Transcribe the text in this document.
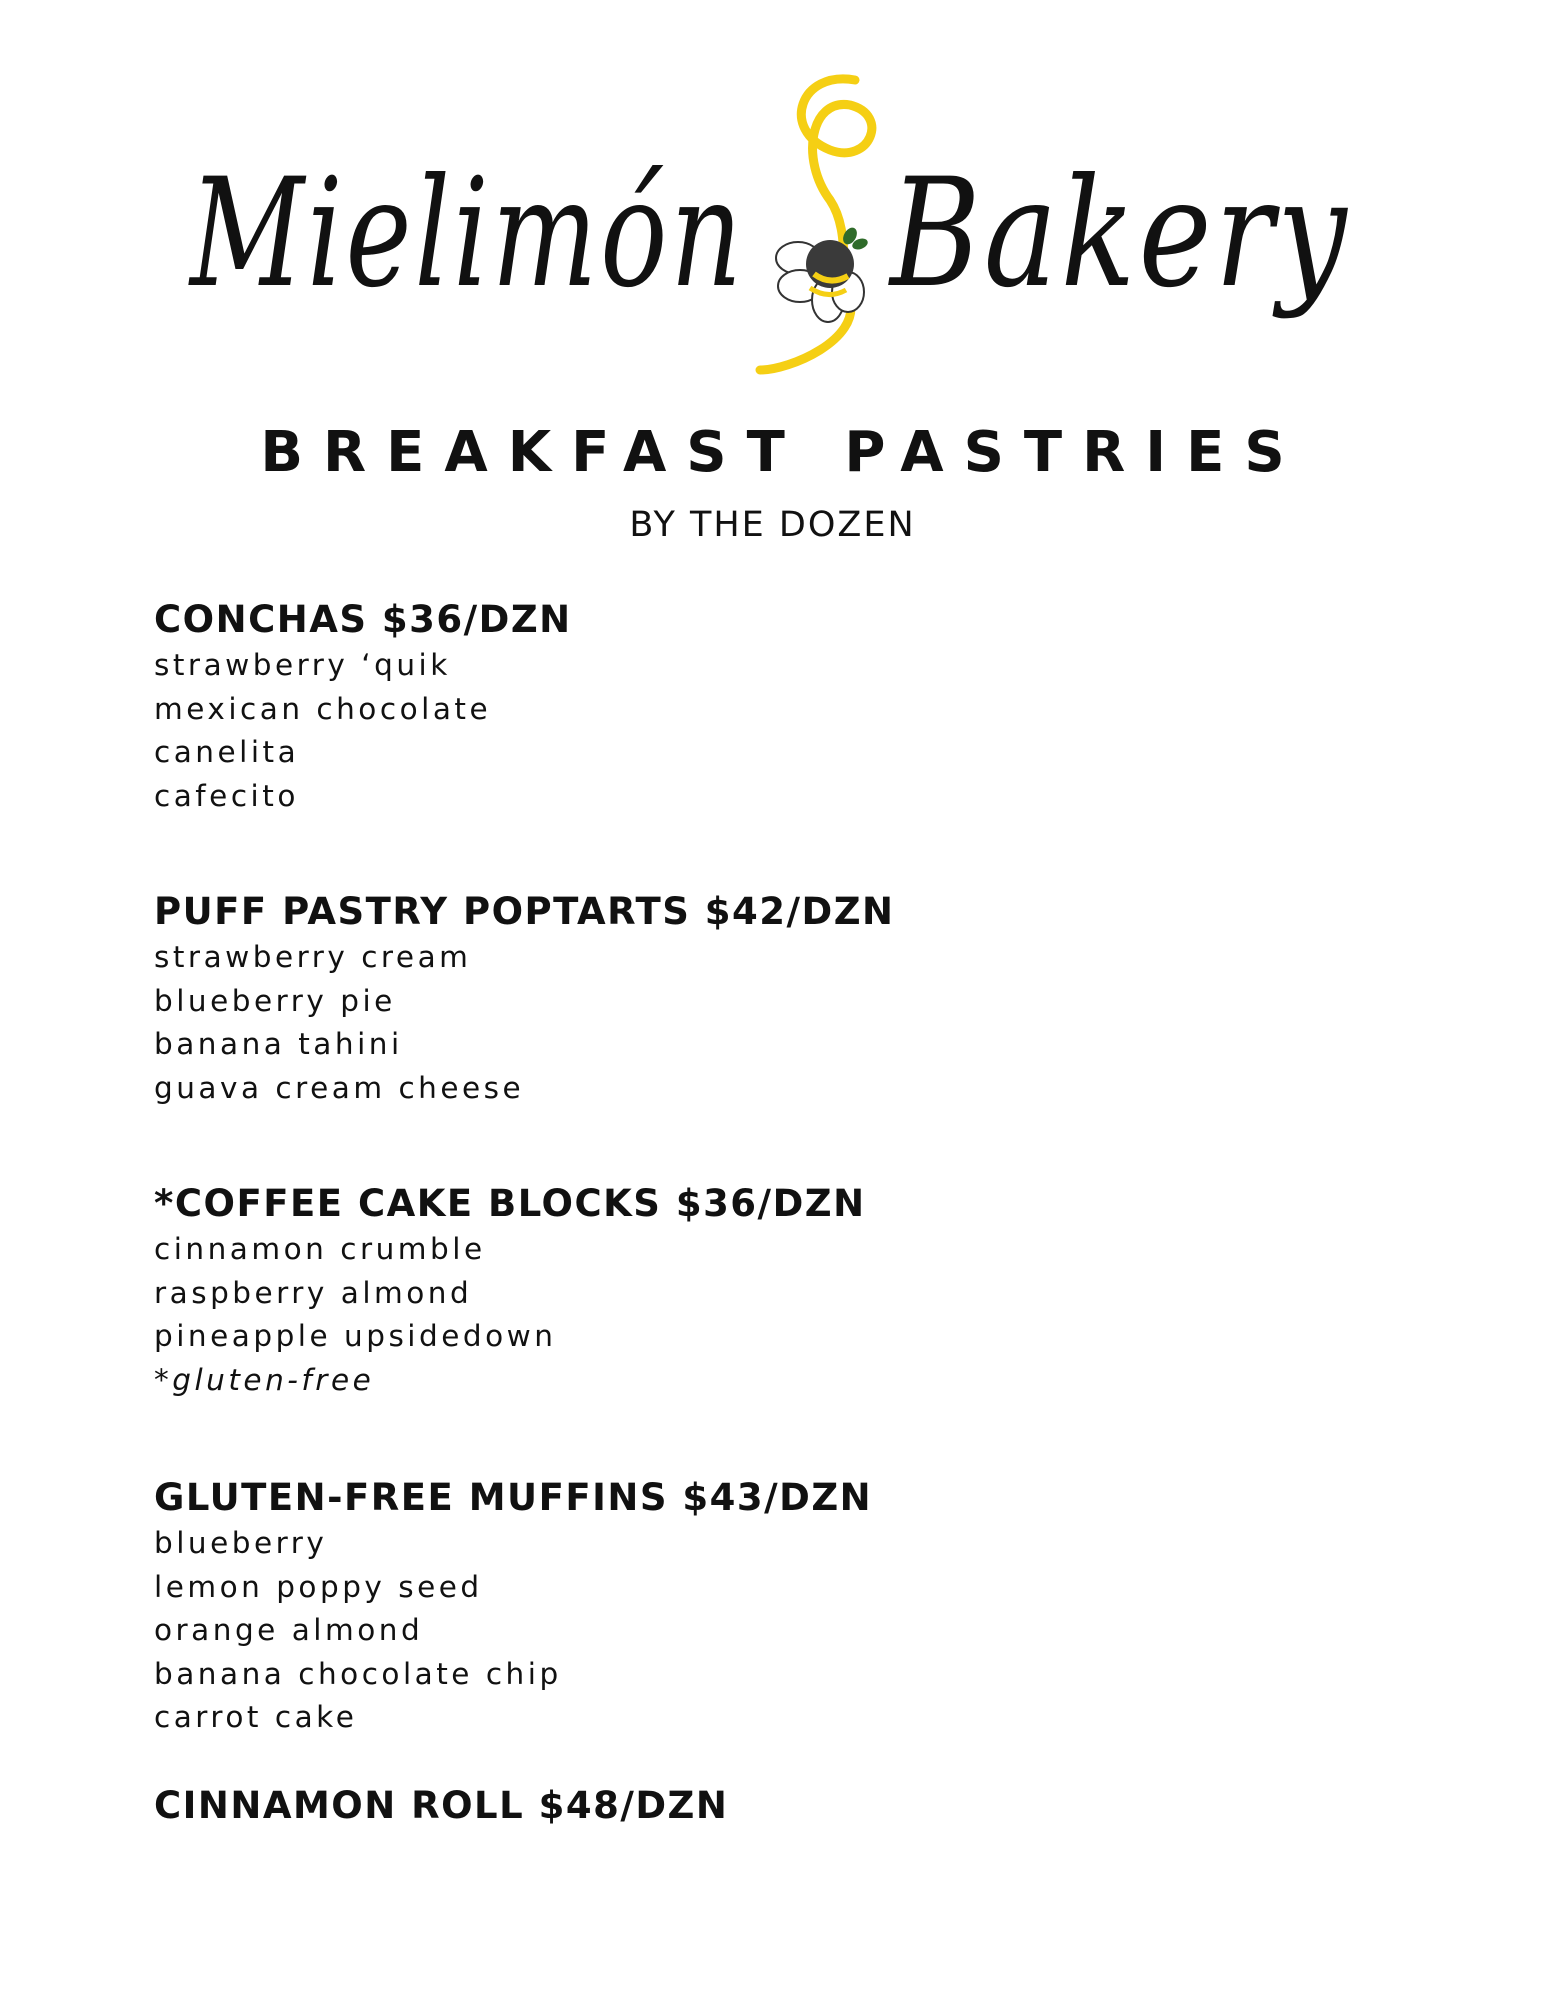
Mielimón Bakery
BREAKFAST PASTRIES

BY THE DOZEN

CONCHAS $36/DZN

strawberry ‘quik

mexican chocolate

canelita

cafecito

PUFF PASTRY POPTARTS $42/DZN

strawberry cream

blueberry pie

banana tahini

guava cream cheese

*COFFEE CAKE BLOCKS $36/DZN

cinnamon crumble

raspberry almond

pineapple upsidedown

*gluten-free

GLUTEN-FREE MUFFINS $43/DZN

blueberry

lemon poppy seed

orange almond

banana chocolate chip

carrot cake

CINNAMON ROLL $48/DZN
